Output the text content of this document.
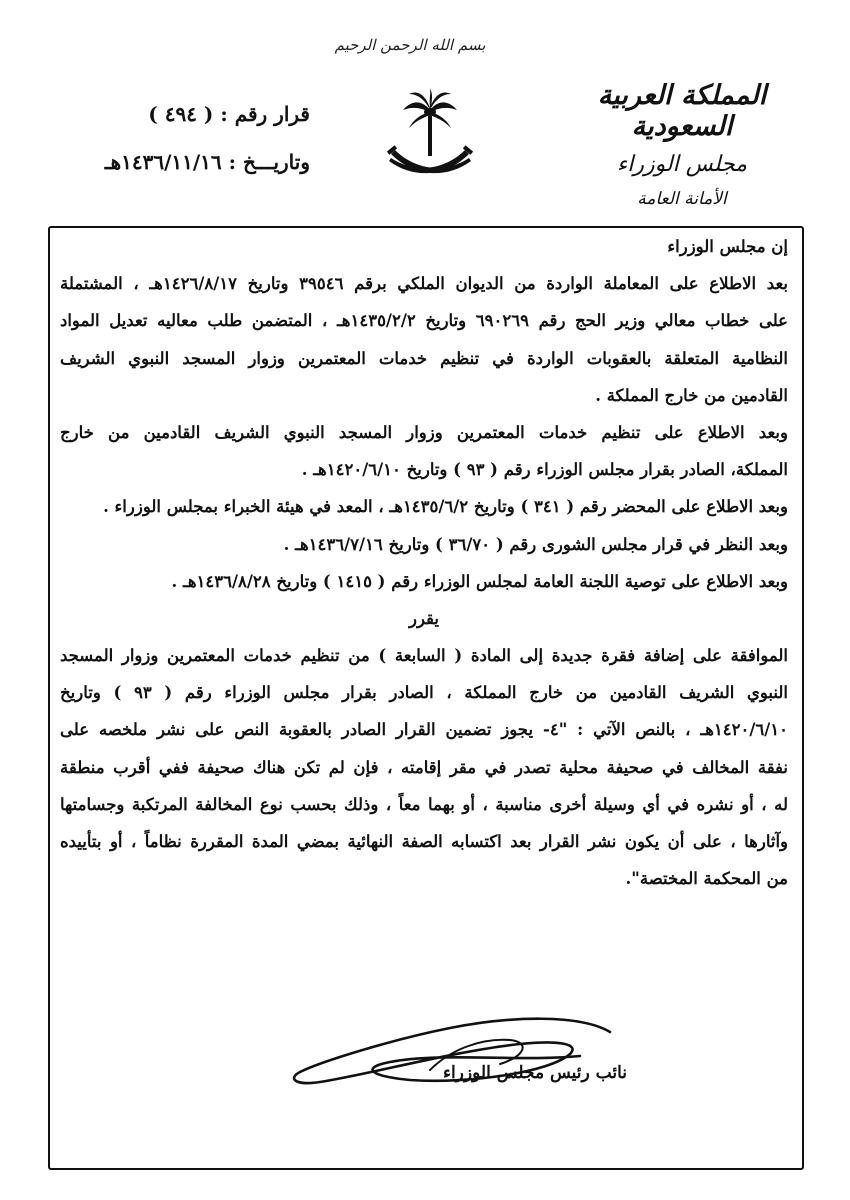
بسم الله الرحمن الرحيم
المملكة العربية السعودية
مجلس الوزراء
الأمانة العامة
قرار رقم : ( ٤٩٤ )
وتاريـــخ : ١٤٣٦/١١/١٦هـ
إن مجلس الوزراء
بعد الاطلاع على المعاملة الواردة من الديوان الملكي برقم ٣٩٥٤٦ وتاريخ ١٤٢٦/٨/١٧هـ ، المشتملة
على خطاب معالي وزير الحج رقم ٦٩٠٢٦٩ وتاريخ ١٤٣٥/٢/٢هـ ، المتضمن طلب معاليه تعديل المواد
النظامية المتعلقة بالعقوبات الواردة في تنظيم خدمات المعتمرين وزوار المسجد النبوي الشريف
القادمين من خارج المملكة .
وبعد الاطلاع على تنظيم خدمات المعتمرين وزوار المسجد النبوي الشريف القادمين من خارج
المملكة، الصادر بقرار مجلس الوزراء رقم ( ٩٣ ) وتاريخ ١٤٢٠/٦/١٠هـ .
وبعد الاطلاع على المحضر رقم ( ٣٤١ ) وتاريخ ١٤٣٥/٦/٢هـ ، المعد في هيئة الخبراء بمجلس الوزراء .
وبعد النظر في قرار مجلس الشورى رقم ( ٣٦/٧٠ ) وتاريخ ١٤٣٦/٧/١٦هـ .
وبعد الاطلاع على توصية اللجنة العامة لمجلس الوزراء رقم ( ١٤١٥ ) وتاريخ ١٤٣٦/٨/٢٨هـ .
يقرر
الموافقة على إضافة فقرة جديدة إلى المادة ( السابعة ) من تنظيم خدمات المعتمرين وزوار المسجد
النبوي الشريف القادمين من خارج المملكة ، الصادر بقرار مجلس الوزراء رقم ( ٩٣ ) وتاريخ
١٤٢٠/٦/١٠هـ ، بالنص الآتي : "٤- يجوز تضمين القرار الصادر بالعقوبة النص على نشر ملخصه على
نفقة المخالف في صحيفة محلية تصدر في مقر إقامته ، فإن لم تكن هناك صحيفة ففي أقرب منطقة
له ، أو نشره في أي وسيلة أخرى مناسبة ، أو بهما معاً ، وذلك بحسب نوع المخالفة المرتكبة وجسامتها
وآثارها ، على أن يكون نشر القرار بعد اكتسابه الصفة النهائية بمضي المدة المقررة نظاماً ، أو بتأييده
من المحكمة المختصة".
نائب رئيس مجلس الوزراء
